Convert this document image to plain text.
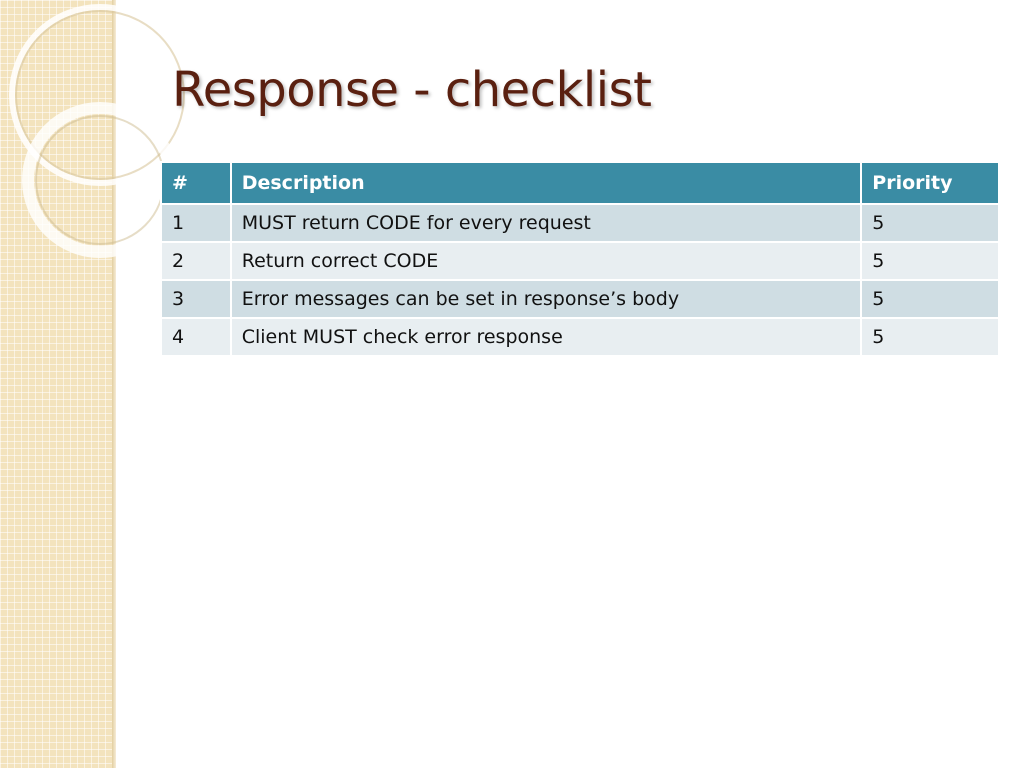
Response - checklist
#	Description	Priority
1	MUST return CODE for every request	5
2	Return correct CODE	5
3	Error messages can be set in response’s body	5
4	Client MUST check error response	5
